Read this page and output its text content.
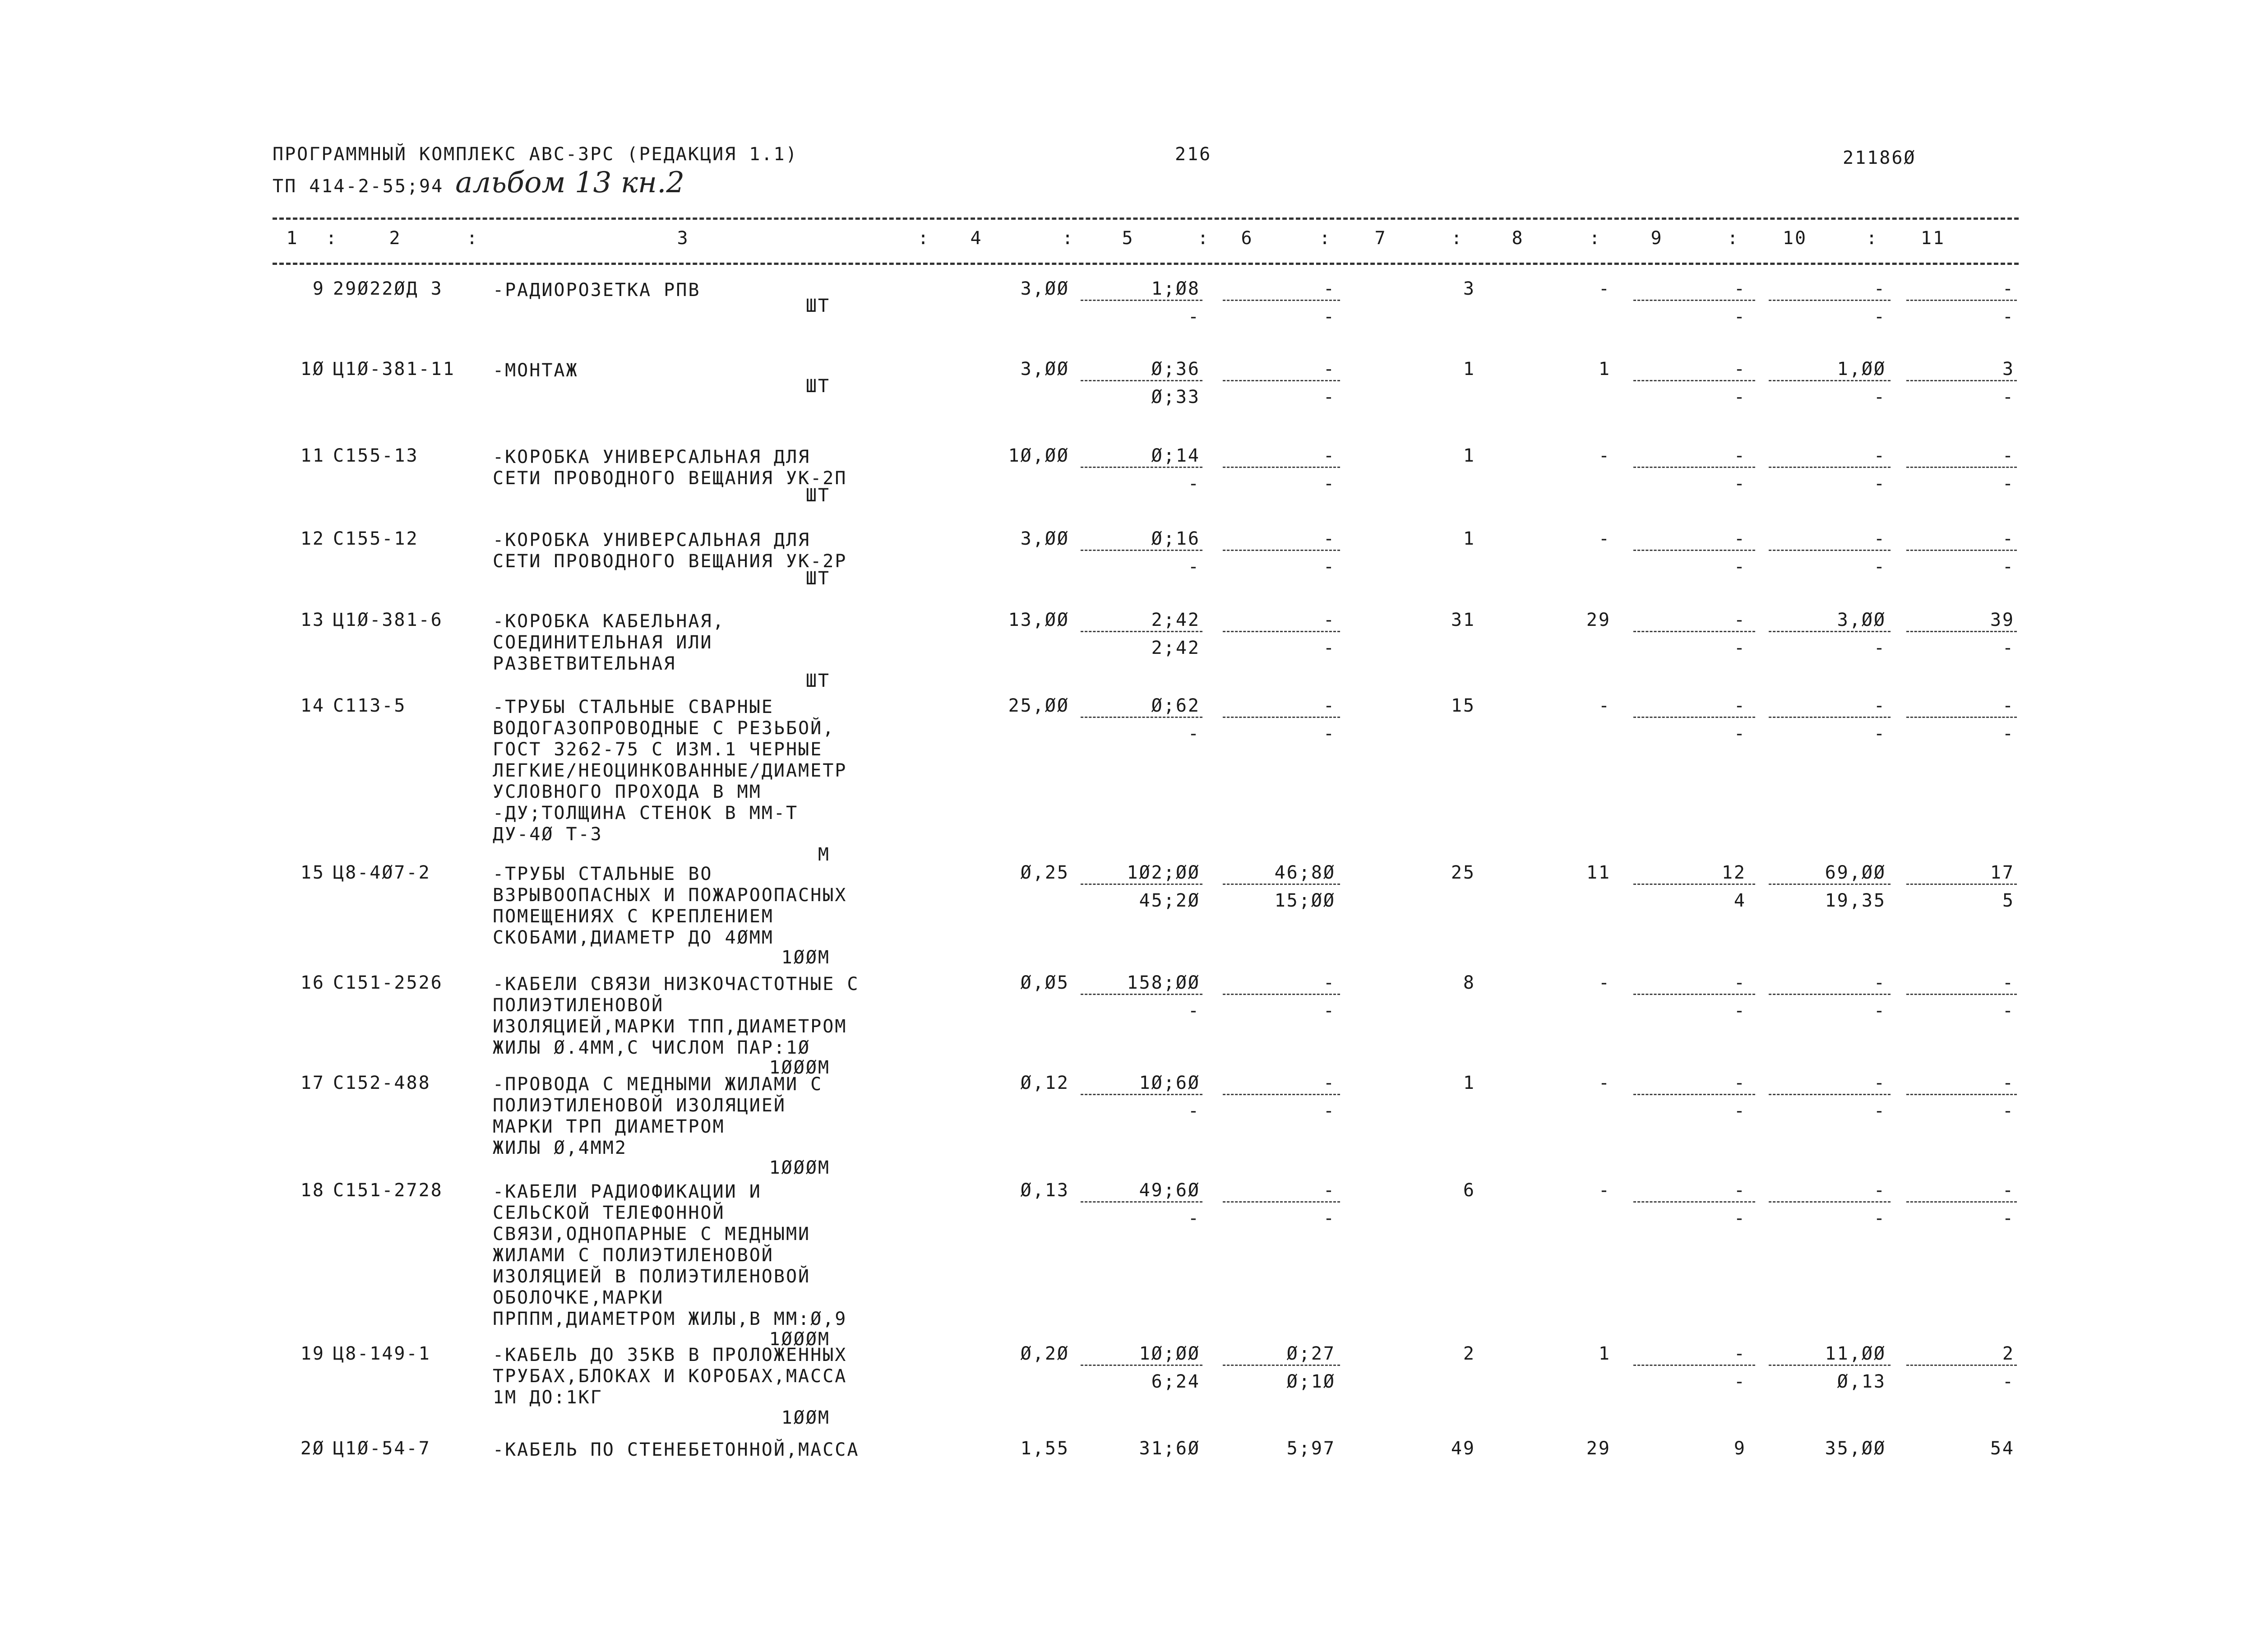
ПРОГРАММНЫЙ КОМПЛЕКС АВС-3РС (РЕДАКЦИЯ 1.1)
ТП 414-2-55;94 альбом 13 кн.2
216	21186Ø
1	2	3	4	5	6	7	8	9	10	11
:	:	:	:	:	:	:	:	:	:
9 29Ø22ØД 3	-РАДИОРОЗЕТКА РПВ
ШТ
3,ØØ	1;Ø8	-	3	-	-	-	-
-	-	-	-	-
1Ø Ц1Ø-381-11 -МОНТАЖ
ШТ
3,ØØ	Ø;36	-	1	1	-	1,ØØ	3
Ø;33	-	-	-	-
11 С155-13	-КОРОБКА УНИВЕРСАЛЬНАЯ ДЛЯ
СЕТИ ПРОВОДНОГО ВЕЩАНИЯ УК-2П
ШТ
1Ø,ØØ	Ø;14	-	1	-	-	-	-
-	-	-	-	-
12 С155-12	-КОРОБКА УНИВЕРСАЛЬНАЯ ДЛЯ
СЕТИ ПРОВОДНОГО ВЕЩАНИЯ УК-2Р
ШТ
3,ØØ	Ø;16	-	1	-	-	-	-
-	-	-	-	-
13 Ц1Ø-381-6	-КОРОБКА КАБЕЛЬНАЯ,
СОЕДИНИТЕЛЬНАЯ ИЛИ
РАЗВЕТВИТЕЛЬНАЯ
ШТ
13,ØØ	2;42	-	31	29	-	3,ØØ	39
2;42	-	-	-	-
14 С113-5	-ТРУБЫ СТАЛЬНЫЕ СВАРНЫЕ
ВОДОГАЗОПРОВОДНЫЕ С РЕЗЬБОЙ,
ГОСТ 3262-75 С ИЗМ.1 ЧЕРНЫЕ
ЛЕГКИЕ/НЕОЦИНКОВАННЫЕ/ДИАМЕТР
УСЛОВНОГО ПРОХОДА В ММ
-ДУ;ТОЛЩИНА СТЕНОК В ММ-Т
ДУ-4Ø Т-3
М
25,ØØ	Ø;62	-	15	-	-	-	-
-	-	-	-	-
15 Ц8-4Ø7-2	-ТРУБЫ СТАЛЬНЫЕ ВО
ВЗРЫВООПАСНЫХ И ПОЖАРООПАСНЫХ
ПОМЕЩЕНИЯХ С КРЕПЛЕНИЕМ
СКОБАМИ,ДИАМЕТР ДО 4ØММ
1ØØМ
Ø,25	1Ø2;ØØ	46;8Ø	25	11	12	69,ØØ	17
45;2Ø	15;ØØ	4	19,35	5
16 С151-2526	-КАБЕЛИ СВЯЗИ НИЗКОЧАСТОТНЫЕ С
ПОЛИЭТИЛЕНОВОЙ
ИЗОЛЯЦИЕЙ,МАРКИ ТПП,ДИАМЕТРОМ
ЖИЛЫ Ø.4ММ,С ЧИСЛОМ ПАР:1Ø
1ØØØМ
Ø,Ø5	158;ØØ	-	8	-	-	-	-
-	-	-	-	-
17 С152-488	-ПРОВОДА С МЕДНЫМИ ЖИЛАМИ С
ПОЛИЭТИЛЕНОВОЙ ИЗОЛЯЦИЕЙ
МАРКИ ТРП ДИАМЕТРОМ
ЖИЛЫ Ø,4ММ2
1ØØØМ
Ø,12	1Ø;6Ø	-	1	-	-	-	-
-	-	-	-	-
18 С151-2728	-КАБЕЛИ РАДИОФИКАЦИИ И
СЕЛЬСКОЙ ТЕЛЕФОННОЙ
СВЯЗИ,ОДНОПАРНЫЕ С МЕДНЫМИ
ЖИЛАМИ С ПОЛИЭТИЛЕНОВОЙ
ИЗОЛЯЦИЕЙ В ПОЛИЭТИЛЕНОВОЙ
ОБОЛОЧКЕ,МАРКИ
ПРППМ,ДИАМЕТРОМ ЖИЛЫ,В ММ:Ø,9
1ØØØМ
Ø,13	49;6Ø	-	6	-	-	-	-
-	-	-	-	-
19 Ц8-149-1	-КАБЕЛЬ ДО 35КВ В ПРОЛОЖЕННЫХ
ТРУБАХ,БЛОКАХ И КОРОБАХ,МАССА
1М ДО:1КГ
1ØØМ
Ø,2Ø	1Ø;ØØ	Ø;27	2	1	-	11,ØØ	2
6;24	Ø;1Ø	-	Ø,13	-
2Ø Ц1Ø-54-7	-КАБЕЛЬ ПО СТЕНЕБЕТОННОЙ,МАССА	1,55	31;6Ø	5;97	49	29	9	35,ØØ	54
